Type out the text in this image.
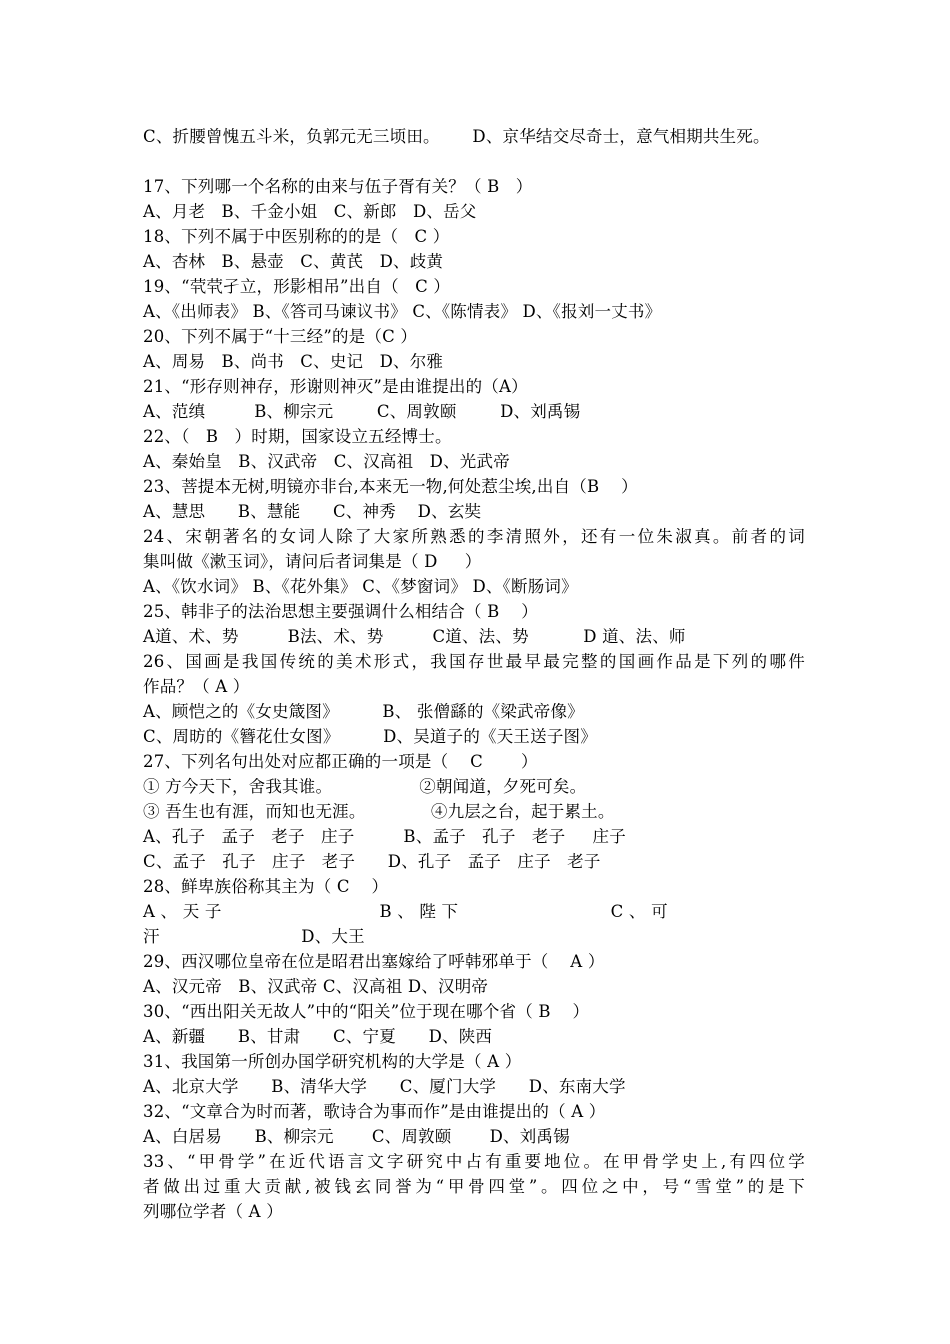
C、折腰曾愧五斗米，负郭元无三顷田。      D、京华结交尽奇士，意气相期共生死。
17、下列哪一个名称的由来与伍子胥有关？（ B   ）
A、月老   B、千金小姐   C、新郎   D、岳父
18、下列不属于中医别称的的是（   C ）
A、杏林   B、悬壶   C、黄芪   D、歧黄
19、“茕茕孑立，形影相吊”出自（   C ）
A、《出师表》 B、《答司马谏议书》 C、《陈情表》 D、《报刘一丈书》
20、下列不属于“十三经”的是（C ）
A、周易   B、尚书   C、史记   D、尔雅
21、“形存则神存，形谢则神灭”是由谁提出的（A）
A、范缜         B、柳宗元        C、周敦颐        D、刘禹锡
22、（   B   ）时期，国家设立五经博士。
A、秦始皇   B、汉武帝   C、汉高祖   D、光武帝
23、菩提本无树,明镜亦非台,本来无一物,何处惹尘埃,出自（B    ）
A、慧思      B、慧能      C、神秀    D、玄奘
24、宋朝著名的女词人除了大家所熟悉的李清照外，还有一位朱淑真。前者的词
集叫做《漱玉词》，请问后者词集是（ D     ）
A、《饮水词》 B、《花外集》 C、《梦窗词》 D、《断肠词》
25、韩非子的法治思想主要强调什么相结合（ B    ）
A道、术、势         B法、术、势         C道、法、势          D 道、法、师
26、国画是我国传统的美术形式，我国存世最早最完整的国画作品是下列的哪件
作品？（ A ）
A、顾恺之的《女史箴图》        B、 张僧繇的《梁武帝像》
C、周昉的《簪花仕女图》        D、吴道子的《天王送子图》
27、下列名句出处对应都正确的一项是（    C       ）
① 方今天下，舍我其谁。                ②朝闻道，夕死可矣。
③ 吾生也有涯，而知也无涯。            ④九层之台，起于累土。
A、孔子   孟子   老子   庄子         B、孟子   孔子   老子     庄子
C、孟子   孔子   庄子   老子      D、孔子   孟子   庄子   老子
28、鲜卑族俗称其主为（ C    ）
A 、 天 子                             B 、 陛 下                            C 、 可
汗                          D、大王
29、西汉哪位皇帝在位是昭君出塞嫁给了呼韩邪单于（    A ）
A、汉元帝   B、汉武帝 C、汉高祖 D、汉明帝
30、“西出阳关无故人”中的“阳关”位于现在哪个省（ B    ）
A、新疆      B、甘肃      C、宁夏      D、陕西
31、我国第一所创办国学研究机构的大学是（ A ）
A、北京大学      B、清华大学      C、厦门大学      D、东南大学
32、“文章合为时而著，歌诗合为事而作”是由谁提出的（ A ）
A、白居易      B、柳宗元       C、周敦颐       D、刘禹锡
33、“甲骨学”在近代语言文字研究中占有重要地位。在甲骨学史上,有四位学
者做出过重大贡献,被钱玄同誉为“甲骨四堂”。四位之中，号“雪堂”的是下
列哪位学者（ A ）
